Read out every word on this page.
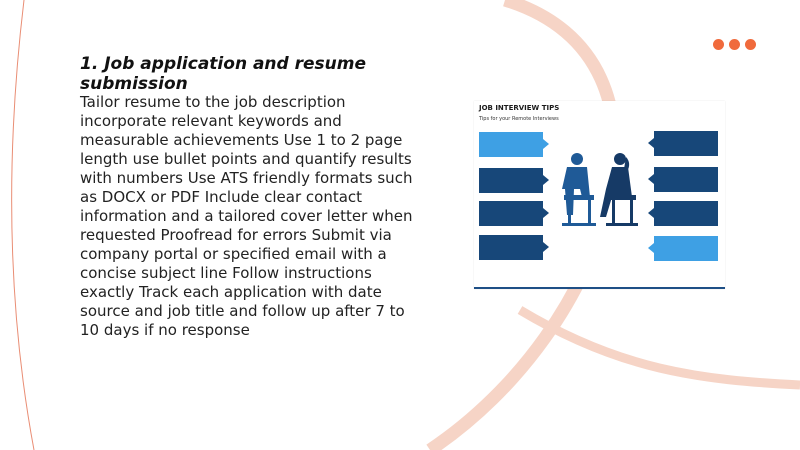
1. Job application and resume submission

Tailor resume to the job description incorporate relevant keywords and measurable achievements Use 1 to 2 page length use bullet points and quantify results with numbers Use ATS friendly formats such as DOCX or PDF Include clear contact information and a tailored cover letter when requested Proofread for errors Submit via company portal or specified email with a concise subject line Follow instructions exactly Track each application with date source and job title and follow up after 7 to 10 days if no response

JOB INTERVIEW TIPS
Tips for your Remote Interviews
